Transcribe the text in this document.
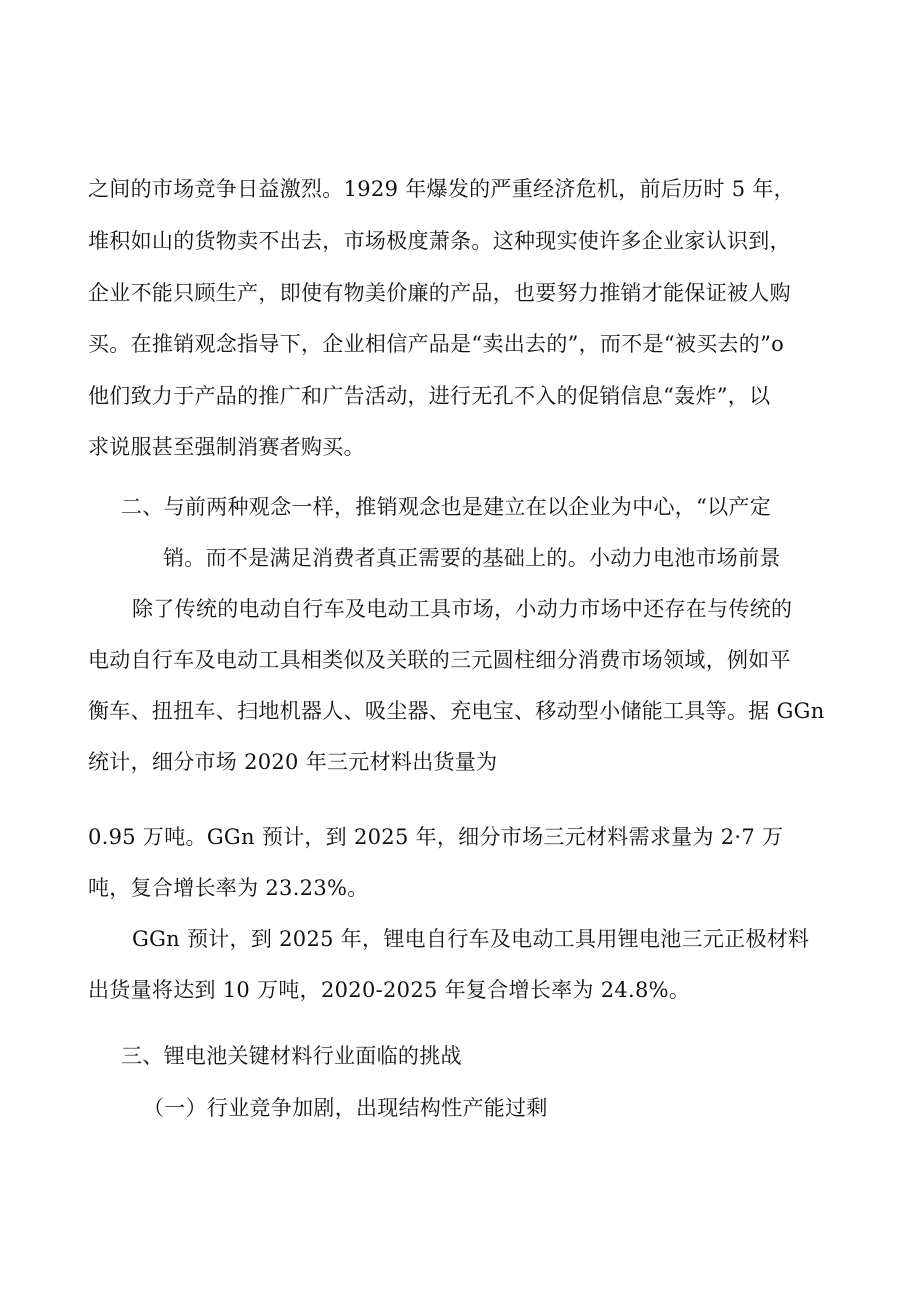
之间的市场竞争日益激烈。1929 年爆发的严重经济危机，前后历时 5 年，
堆积如山的货物卖不出去，市场极度萧条。这种现实使许多企业家认识到，
企业不能只顾生产，即使有物美价廉的产品，也要努力推销才能保证被人购
买。在推销观念指导下，企业相信产品是“卖出去的”，而不是“被买去的”o
他们致力于产品的推广和广告活动，进行无孔不入的促销信息“轰炸”，以
求说服甚至强制消赛者购买。
二、与前两种观念一样，推销观念也是建立在以企业为中心，“以产定
销。而不是满足消费者真正需要的基础上的。小动力电池市场前景
除了传统的电动自行车及电动工具市场，小动力市场中还存在与传统的
电动自行车及电动工具相类似及关联的三元圆柱细分消费市场领域，例如平
衡车、扭扭车、扫地机器人、吸尘器、充电宝、移动型小储能工具等。据 GGn
统计，细分市场 2020 年三元材料出货量为
0.95 万吨。GGn 预计，到 2025 年，细分市场三元材料需求量为 2·7 万
吨，复合增长率为 23.23%。
GGn 预计，到 2025 年，锂电自行车及电动工具用锂电池三元正极材料
出货量将达到 10 万吨，2020-2025 年复合增长率为 24.8%。
三、锂电池关键材料行业面临的挑战
（一）行业竞争加剧，出现结构性产能过剩
